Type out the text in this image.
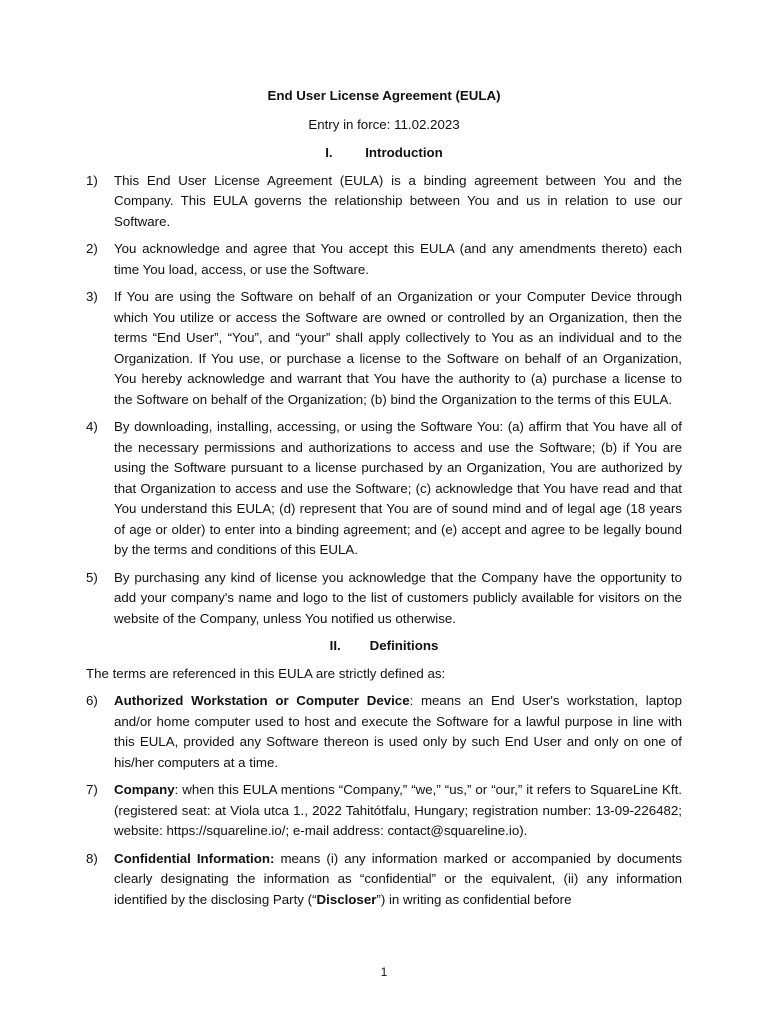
End User License Agreement (EULA)
Entry in force: 11.02.2023
I.	Introduction
1) This End User License Agreement (EULA) is a binding agreement between You and the Company. This EULA governs the relationship between You and us in relation to use our Software.
2) You acknowledge and agree that You accept this EULA (and any amendments thereto) each time You load, access, or use the Software.
3) If You are using the Software on behalf of an Organization or your Computer Device through which You utilize or access the Software are owned or controlled by an Organization, then the terms “End User”, “You”, and “your” shall apply collectively to You as an individual and to the Organization. If You use, or purchase a license to the Software on behalf of an Organization, You hereby acknowledge and warrant that You have the authority to (a) purchase a license to the Software on behalf of the Organization; (b) bind the Organization to the terms of this EULA.
4) By downloading, installing, accessing, or using the Software You: (a) affirm that You have all of the necessary permissions and authorizations to access and use the Software; (b) if You are using the Software pursuant to a license purchased by an Organization, You are authorized by that Organization to access and use the Software; (c) acknowledge that You have read and that You understand this EULA; (d) represent that You are of sound mind and of legal age (18 years of age or older) to enter into a binding agreement; and (e) accept and agree to be legally bound by the terms and conditions of this EULA.
5) By purchasing any kind of license you acknowledge that the Company have the opportunity to add your company's name and logo to the list of customers publicly available for visitors on the website of the Company, unless You notified us otherwise.
II.	Definitions
The terms are referenced in this EULA are strictly defined as:
6) Authorized Workstation or Computer Device: means an End User's workstation, laptop and/or home computer used to host and execute the Software for a lawful purpose in line with this EULA, provided any Software thereon is used only by such End User and only on one of his/her computers at a time.
7) Company: when this EULA mentions “Company,” “we,” “us,” or “our,” it refers to SquareLine Kft. (registered seat: at Viola utca 1., 2022 Tahitótfalu, Hungary; registration number: 13-09-226482; website: https://squareline.io/; e-mail address: contact@squareline.io).
8) Confidential Information: means (i) any information marked or accompanied by documents clearly designating the information as “confidential” or the equivalent, (ii) any information identified by the disclosing Party (“Discloser”) in writing as confidential before
1
